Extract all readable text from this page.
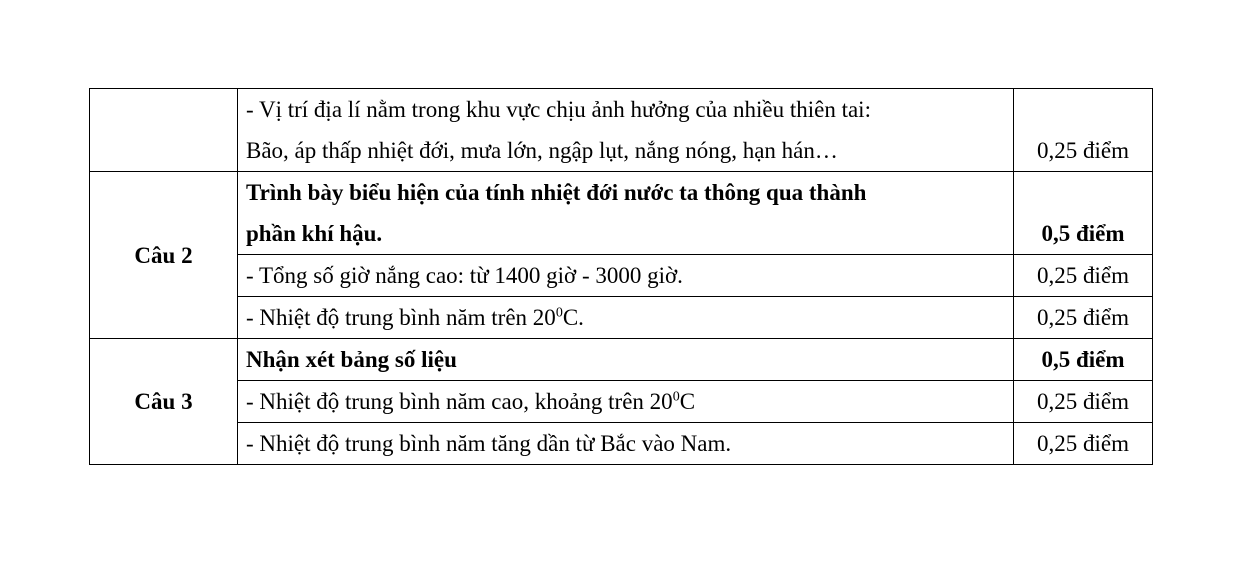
	- Vị trí địa lí nằm trong khu vực chịu ảnh hưởng của nhiều thiên tai:
Bão, áp thấp nhiệt đới, mưa lớn, ngập lụt, nắng nóng, hạn hán…	0,25 điểm
Câu 2	Trình bày biểu hiện của tính nhiệt đới nước ta thông qua thành
phần khí hậu.	0,5 điểm
	- Tổng số giờ nắng cao: từ 1400 giờ - 3000 giờ.	0,25 điểm
	- Nhiệt độ trung bình năm trên $20^0C$.	0,25 điểm
Câu 3	Nhận xét bảng số liệu	0,5 điểm
	- Nhiệt độ trung bình năm cao, khoảng trên $20^0C$	0,25 điểm
	- Nhiệt độ trung bình năm tăng dần từ Bắc vào Nam.	0,25 điểm
